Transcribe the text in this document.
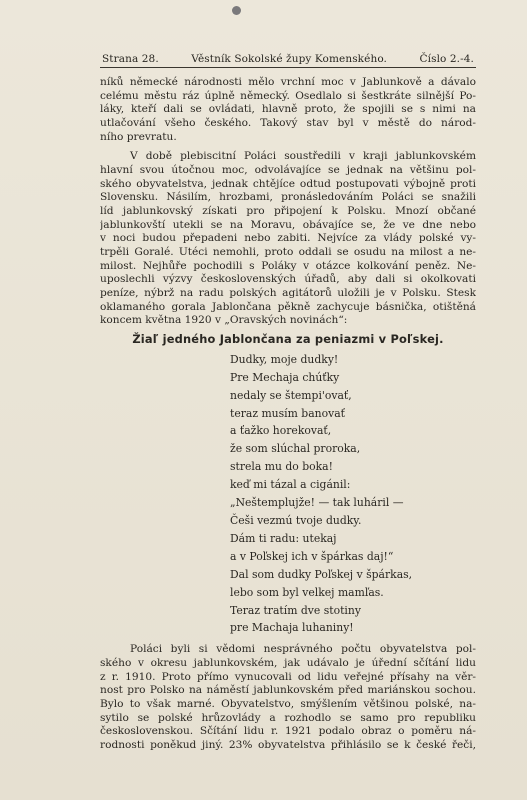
Strana 28.	Věstník Sokolské župy Komenského.	Číslo 2.-4.
níků německé národnosti mělo vrchní moc v Jablunkově a dávalo
celému městu ráz úplně německý. Osedlalo si šestkráte silnější Po-
láky, kteří dali se ovládati, hlavně proto, že spojili se s nimi na
utlačování všeho českého. Takový stav byl v městě do národ-
ního prevratu.
V době plebiscitní Poláci soustředili v kraji jablunkovském
hlavní svou útočnou moc, odvolávajíce se jednak na většinu pol-
ského obyvatelstva, jednak chtějíce odtud postupovati výbojně proti
Slovensku. Násilím, hrozbami, pronásledováním Poláci se snažili
líd jablunkovský získati pro připojení k Polsku. Mnozí občané
jablunkovští utekli se na Moravu, obávajíce se, že ve dne nebo
v noci budou přepadeni nebo zabiti. Nejvíce za vlády polské vy-
trpěli Goralé. Utéci nemohli, proto oddali se osudu na milost a ne-
milost. Nejhůře pochodili s Poláky v otázce kolkování peněz. Ne-
uposlechli výzvy československých úřadů, aby dali si okolkovati
peníze, nýbrž na radu polských agitátorů uložili je v Polsku. Stesk
oklamaného gorala Jablončana pěkně zachycuje básnička, otištěná
koncem května 1920 v „Oravských novinách“:
Žiaľ jedného Jablončana za peniazmi v Poľskej.
Dudky, moje dudky!
Pre Mechaja chúťky
nedaly se štempi'ovať,
teraz musím banovať
a ťažko horekovať,
že som slúchal proroka,
strela mu do boka!
keď mi tázal a cigánil:
„Neštemplujže! — tak luháril —
Češi vezmú tvoje dudky.
Dám ti radu: utekaj
a v Poľskej ich v špárkas daj!“
Dal som dudky Poľskej v špárkas,
lebo som byl velkej mamľas.
Teraz tratím dve stotiny
pre Machaja luhaniny!
Poláci byli si vědomi nesprávného počtu obyvatelstva pol-
ského v okresu jablunkovském, jak udávalo je úřední sčítání lidu
z r. 1910. Proto přímo vynucovali od lidu veřejné přísahy na věr-
nost pro Polsko na náměstí jablunkovském před mariánskou sochou.
Bylo to však marné. Obyvatelstvo, smýšlením většinou polské, na-
sytilo se polské hrůzovlády a rozhodlo se samo pro republiku
československou. Sčítání lidu r. 1921 podalo obraz o poměru ná-
rodnosti poněkud jiný. 23% obyvatelstva přihlásilo se k české řeči,
